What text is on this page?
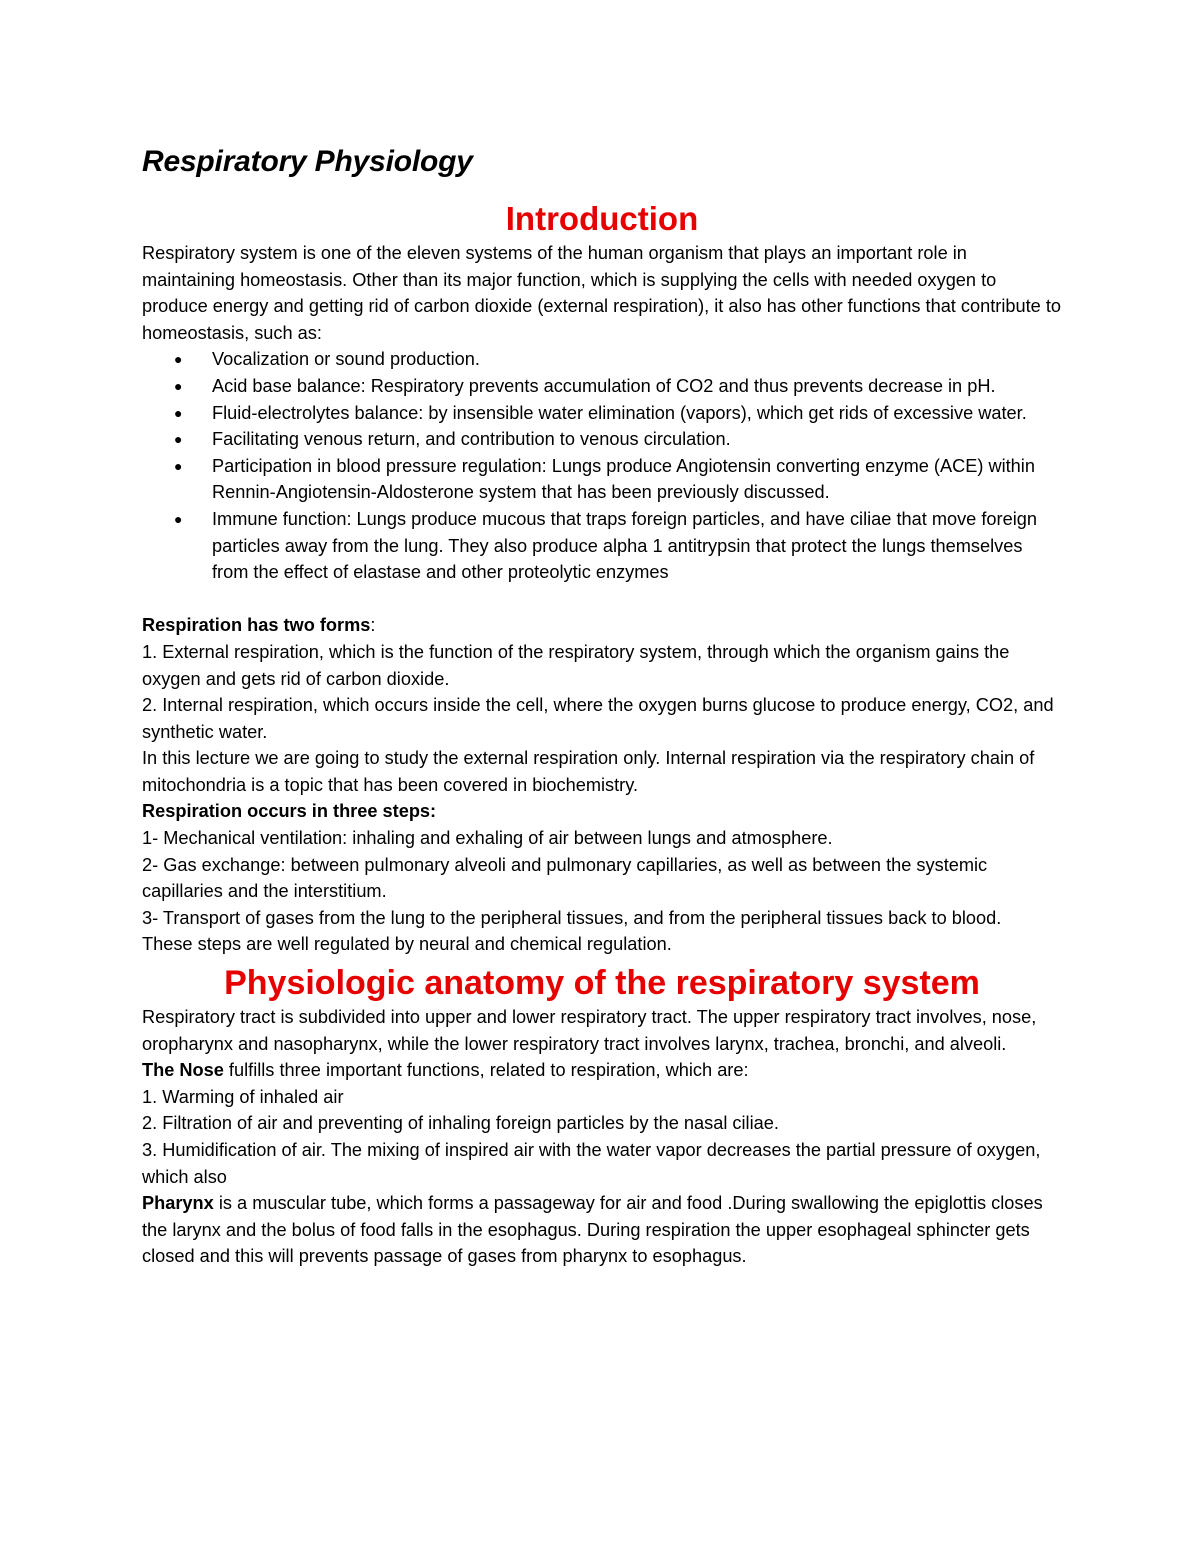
Respiratory Physiology
Introduction

Respiratory system is one of the eleven systems of the human organism that plays an important role in maintaining homeostasis. Other than its major function, which is supplying the cells with needed oxygen to produce energy and getting rid of carbon dioxide (external respiration), it also has other functions that contribute to homeostasis, such as:

● Vocalization or sound production.
● Acid base balance: Respiratory prevents accumulation of CO2 and thus prevents decrease in pH.
● Fluid-electrolytes balance: by insensible water elimination (vapors), which get rids of excessive water.
● Facilitating venous return, and contribution to venous circulation.
● Participation in blood pressure regulation: Lungs produce Angiotensin converting enzyme (ACE) within Rennin-Angiotensin-Aldosterone system that has been previously discussed.
● Immune function: Lungs produce mucous that traps foreign particles, and have ciliae that move foreign particles away from the lung. They also produce alpha 1 antitrypsin that protect the lungs themselves from the effect of elastase and other proteolytic enzymes

Respiration has two forms:

1. External respiration, which is the function of the respiratory system, through which the organism gains the oxygen and gets rid of carbon dioxide.

2. Internal respiration, which occurs inside the cell, where the oxygen burns glucose to produce energy, CO2, and synthetic water.

In this lecture we are going to study the external respiration only. Internal respiration via the respiratory chain of mitochondria is a topic that has been covered in biochemistry.

Respiration occurs in three steps:

1- Mechanical ventilation: inhaling and exhaling of air between lungs and atmosphere.

2- Gas exchange: between pulmonary alveoli and pulmonary capillaries, as well as between the systemic capillaries and the interstitium.

3- Transport of gases from the lung to the peripheral tissues, and from the peripheral tissues back to blood.

These steps are well regulated by neural and chemical regulation.

Physiologic anatomy of the respiratory system

Respiratory tract is subdivided into upper and lower respiratory tract. The upper respiratory tract involves, nose, oropharynx and nasopharynx, while the lower respiratory tract involves larynx, trachea, bronchi, and alveoli.

The Nose fulfills three important functions, related to respiration, which are:

1. Warming of inhaled air

2. Filtration of air and preventing of inhaling foreign particles by the nasal ciliae.

3. Humidification of air. The mixing of inspired air with the water vapor decreases the partial pressure of oxygen, which also

Pharynx is a muscular tube, which forms a passageway for air and food .During swallowing the epiglottis closes the larynx and the bolus of food falls in the esophagus. During respiration the upper esophageal sphincter gets closed and this will prevents passage of gases from pharynx to esophagus.
